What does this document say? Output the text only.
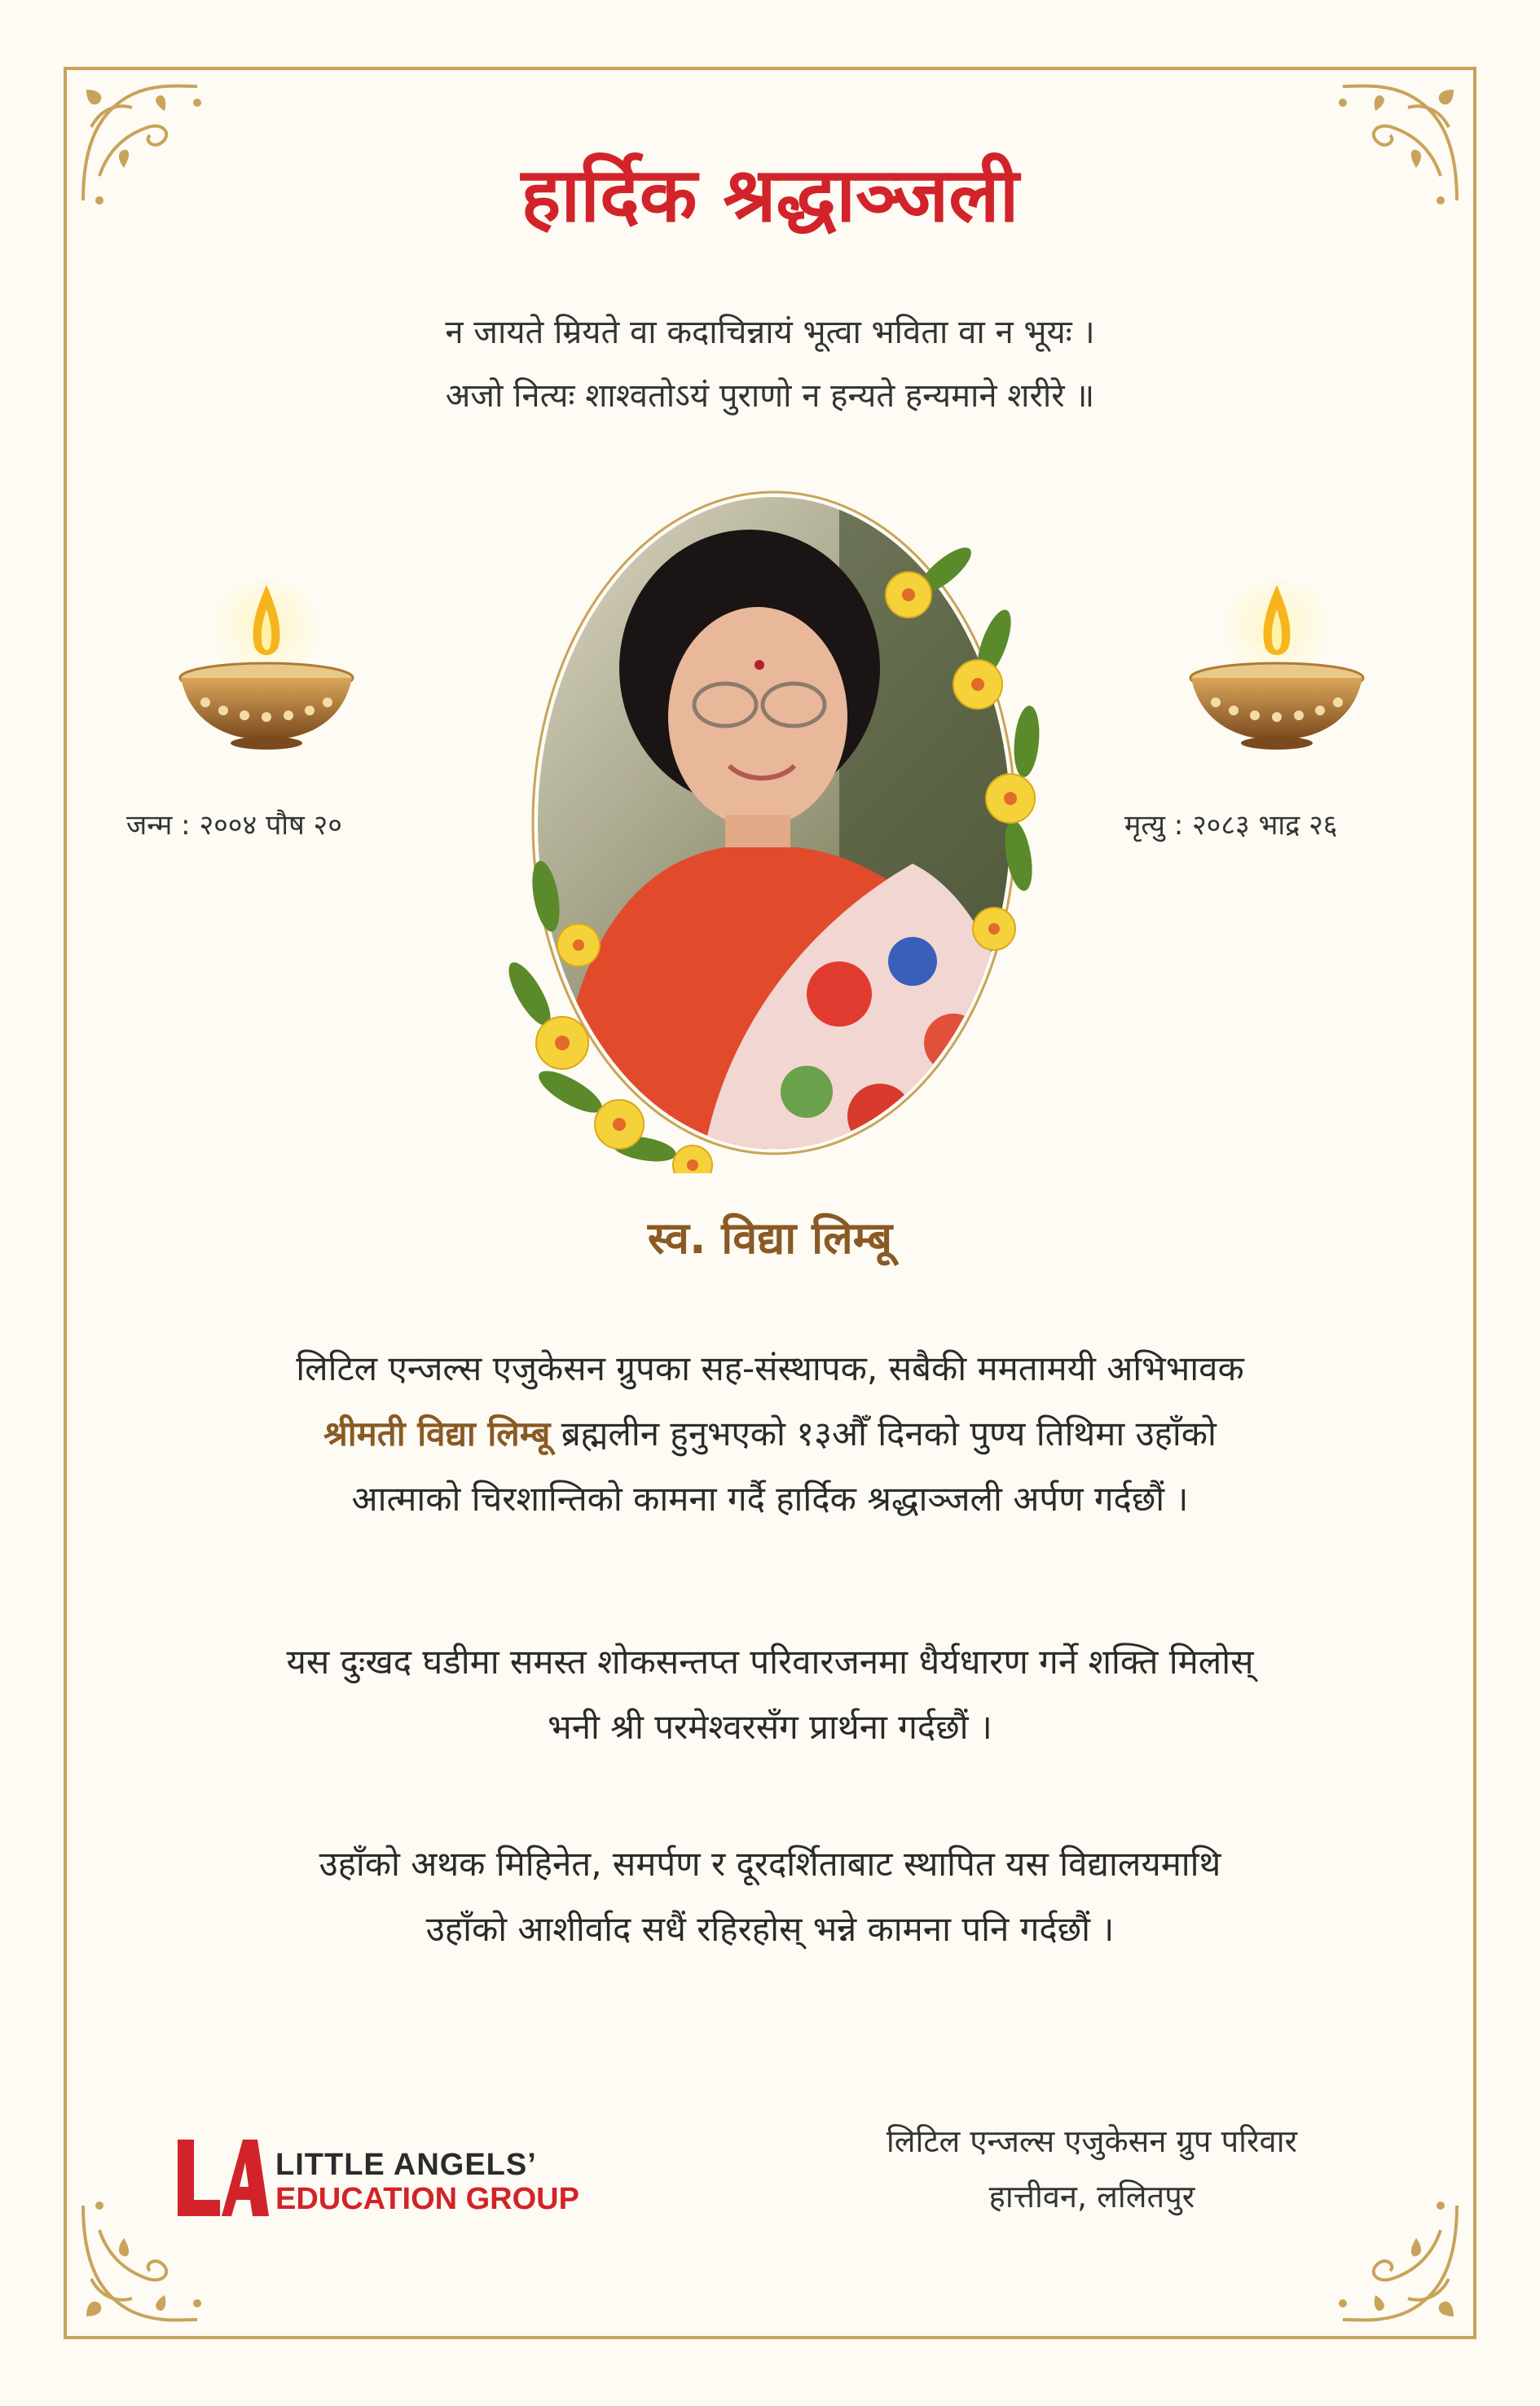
हार्दिक श्रद्धाञ्जली
न जायते म्रियते वा कदाचिन्नायं भूत्वा भविता वा न भूयः ।
अजो नित्यः शाश्वतोऽयं पुराणो न हन्यते हन्यमाने शरीरे ॥
जन्म : २००४ पौष २०	मृत्यु : २०८३ भाद्र २६
स्व. विद्या लिम्बू
लिटिल एन्जल्स एजुकेसन ग्रुपका सह-संस्थापक, सबैकी ममतामयी अभिभावक
श्रीमती विद्या लिम्बू ब्रह्मलीन हुनुभएको १३औँ दिनको पुण्य तिथिमा उहाँको
आत्माको चिरशान्तिको कामना गर्दै हार्दिक श्रद्धाञ्जली अर्पण गर्दछौं ।
यस दुःखद घडीमा समस्त शोकसन्तप्त परिवारजनमा धैर्यधारण गर्ने शक्ति मिलोस्
भनी श्री परमेश्वरसँग प्रार्थना गर्दछौं ।
उहाँको अथक मिहिनेत, समर्पण र दूरदर्शिताबाट स्थापित यस विद्यालयमाथि
उहाँको आशीर्वाद सधैं रहिरहोस् भन्ने कामना पनि गर्दछौं ।
LITTLE ANGELS’
EDUCATION GROUP
लिटिल एन्जल्स एजुकेसन ग्रुप परिवार
हात्तीवन, ललितपुर
